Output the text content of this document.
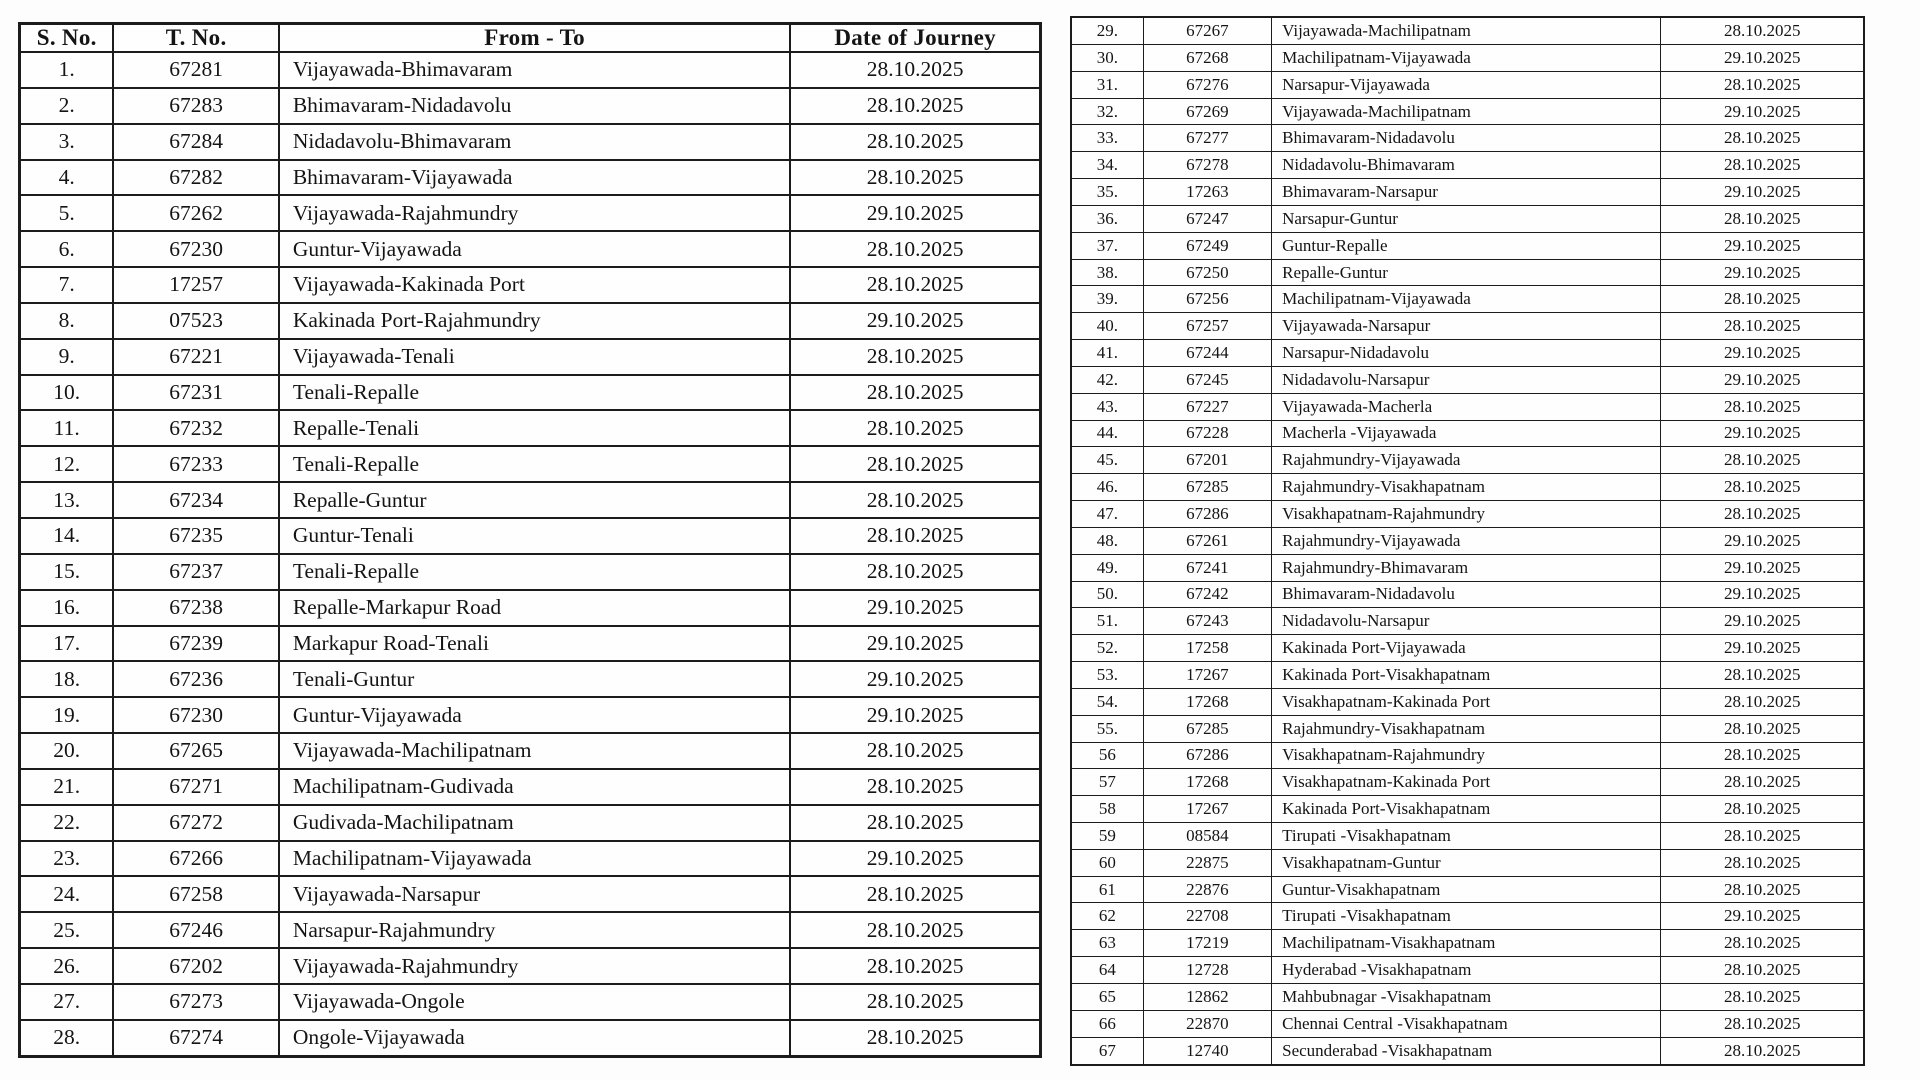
S. No.	T. No.	From - To	Date of Journey
1.	67281	Vijayawada-Bhimavaram	28.10.2025
2.	67283	Bhimavaram-Nidadavolu	28.10.2025
3.	67284	Nidadavolu-Bhimavaram	28.10.2025
4.	67282	Bhimavaram-Vijayawada	28.10.2025
5.	67262	Vijayawada-Rajahmundry	29.10.2025
6.	67230	Guntur-Vijayawada	28.10.2025
7.	17257	Vijayawada-Kakinada Port	28.10.2025
8.	07523	Kakinada Port-Rajahmundry	29.10.2025
9.	67221	Vijayawada-Tenali	28.10.2025
10.	67231	Tenali-Repalle	28.10.2025
11.	67232	Repalle-Tenali	28.10.2025
12.	67233	Tenali-Repalle	28.10.2025
13.	67234	Repalle-Guntur	28.10.2025
14.	67235	Guntur-Tenali	28.10.2025
15.	67237	Tenali-Repalle	28.10.2025
16.	67238	Repalle-Markapur Road	29.10.2025
17.	67239	Markapur Road-Tenali	29.10.2025
18.	67236	Tenali-Guntur	29.10.2025
19.	67230	Guntur-Vijayawada	29.10.2025
20.	67265	Vijayawada-Machilipatnam	28.10.2025
21.	67271	Machilipatnam-Gudivada	28.10.2025
22.	67272	Gudivada-Machilipatnam	28.10.2025
23.	67266	Machilipatnam-Vijayawada	29.10.2025
24.	67258	Vijayawada-Narsapur	28.10.2025
25.	67246	Narsapur-Rajahmundry	28.10.2025
26.	67202	Vijayawada-Rajahmundry	28.10.2025
27.	67273	Vijayawada-Ongole	28.10.2025
28.	67274	Ongole-Vijayawada	28.10.2025
29.	67267	Vijayawada-Machilipatnam	28.10.2025
30.	67268	Machilipatnam-Vijayawada	29.10.2025
31.	67276	Narsapur-Vijayawada	28.10.2025
32.	67269	Vijayawada-Machilipatnam	29.10.2025
33.	67277	Bhimavaram-Nidadavolu	28.10.2025
34.	67278	Nidadavolu-Bhimavaram	28.10.2025
35.	17263	Bhimavaram-Narsapur	29.10.2025
36.	67247	Narsapur-Guntur	28.10.2025
37.	67249	Guntur-Repalle	29.10.2025
38.	67250	Repalle-Guntur	29.10.2025
39.	67256	Machilipatnam-Vijayawada	28.10.2025
40.	67257	Vijayawada-Narsapur	28.10.2025
41.	67244	Narsapur-Nidadavolu	29.10.2025
42.	67245	Nidadavolu-Narsapur	29.10.2025
43.	67227	Vijayawada-Macherla	28.10.2025
44.	67228	Macherla -Vijayawada	29.10.2025
45.	67201	Rajahmundry-Vijayawada	28.10.2025
46.	67285	Rajahmundry-Visakhapatnam	28.10.2025
47.	67286	Visakhapatnam-Rajahmundry	28.10.2025
48.	67261	Rajahmundry-Vijayawada	29.10.2025
49.	67241	Rajahmundry-Bhimavaram	29.10.2025
50.	67242	Bhimavaram-Nidadavolu	29.10.2025
51.	67243	Nidadavolu-Narsapur	29.10.2025
52.	17258	Kakinada Port-Vijayawada	29.10.2025
53.	17267	Kakinada Port-Visakhapatnam	28.10.2025
54.	17268	Visakhapatnam-Kakinada Port	28.10.2025
55.	67285	Rajahmundry-Visakhapatnam	28.10.2025
56	67286	Visakhapatnam-Rajahmundry	28.10.2025
57	17268	Visakhapatnam-Kakinada Port	28.10.2025
58	17267	Kakinada Port-Visakhapatnam	28.10.2025
59	08584	Tirupati -Visakhapatnam	28.10.2025
60	22875	Visakhapatnam-Guntur	28.10.2025
61	22876	Guntur-Visakhapatnam	28.10.2025
62	22708	Tirupati -Visakhapatnam	29.10.2025
63	17219	Machilipatnam-Visakhapatnam	28.10.2025
64	12728	Hyderabad -Visakhapatnam	28.10.2025
65	12862	Mahbubnagar -Visakhapatnam	28.10.2025
66	22870	Chennai Central -Visakhapatnam	28.10.2025
67	12740	Secunderabad -Visakhapatnam	28.10.2025
